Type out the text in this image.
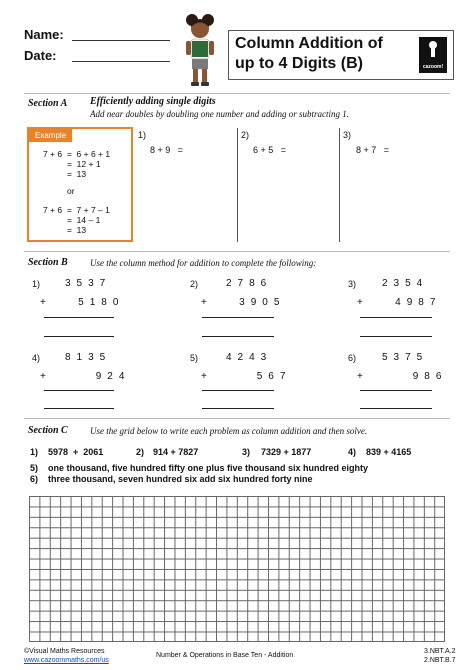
Name:
Date:
Column Addition of
up to 4 Digits (B)	cazoom!
Section A Efficiently adding single digits
Add near doubles by doubling one number and adding or subtracting 1.
Example
7 + 6  =  6 + 6 + 1
=  12 + 1
=  13
or
7 + 6  =  7 + 7 – 1
=  14 – 1
=  13
1)
8 + 9   =
2)
6 + 5   =
3)
8 + 7   =
Section B Use the column method for addition to complete the following:
1) 3537
+   5180
2)	2786
+   3905
3)	2354
+   4987
4) 8135
+     924
5)	4243
+     567
6)	5375
+     986
Section C Use the grid below to write each problem as column addition and then solve.
1) 5978  +  2061	2) 914 + 7827	3) 7329 + 1877	4) 839 + 4165
5) one thousand, five hundred fifty one plus five thousand six hundred eighty
6) three thousand, seven hundred six add six hundred forty nine
©Visual Maths Resources
www.cazoommaths.com/us
Number & Operations in Base Ten - Addition
3.NBT.A.2
2.NBT.B.7
